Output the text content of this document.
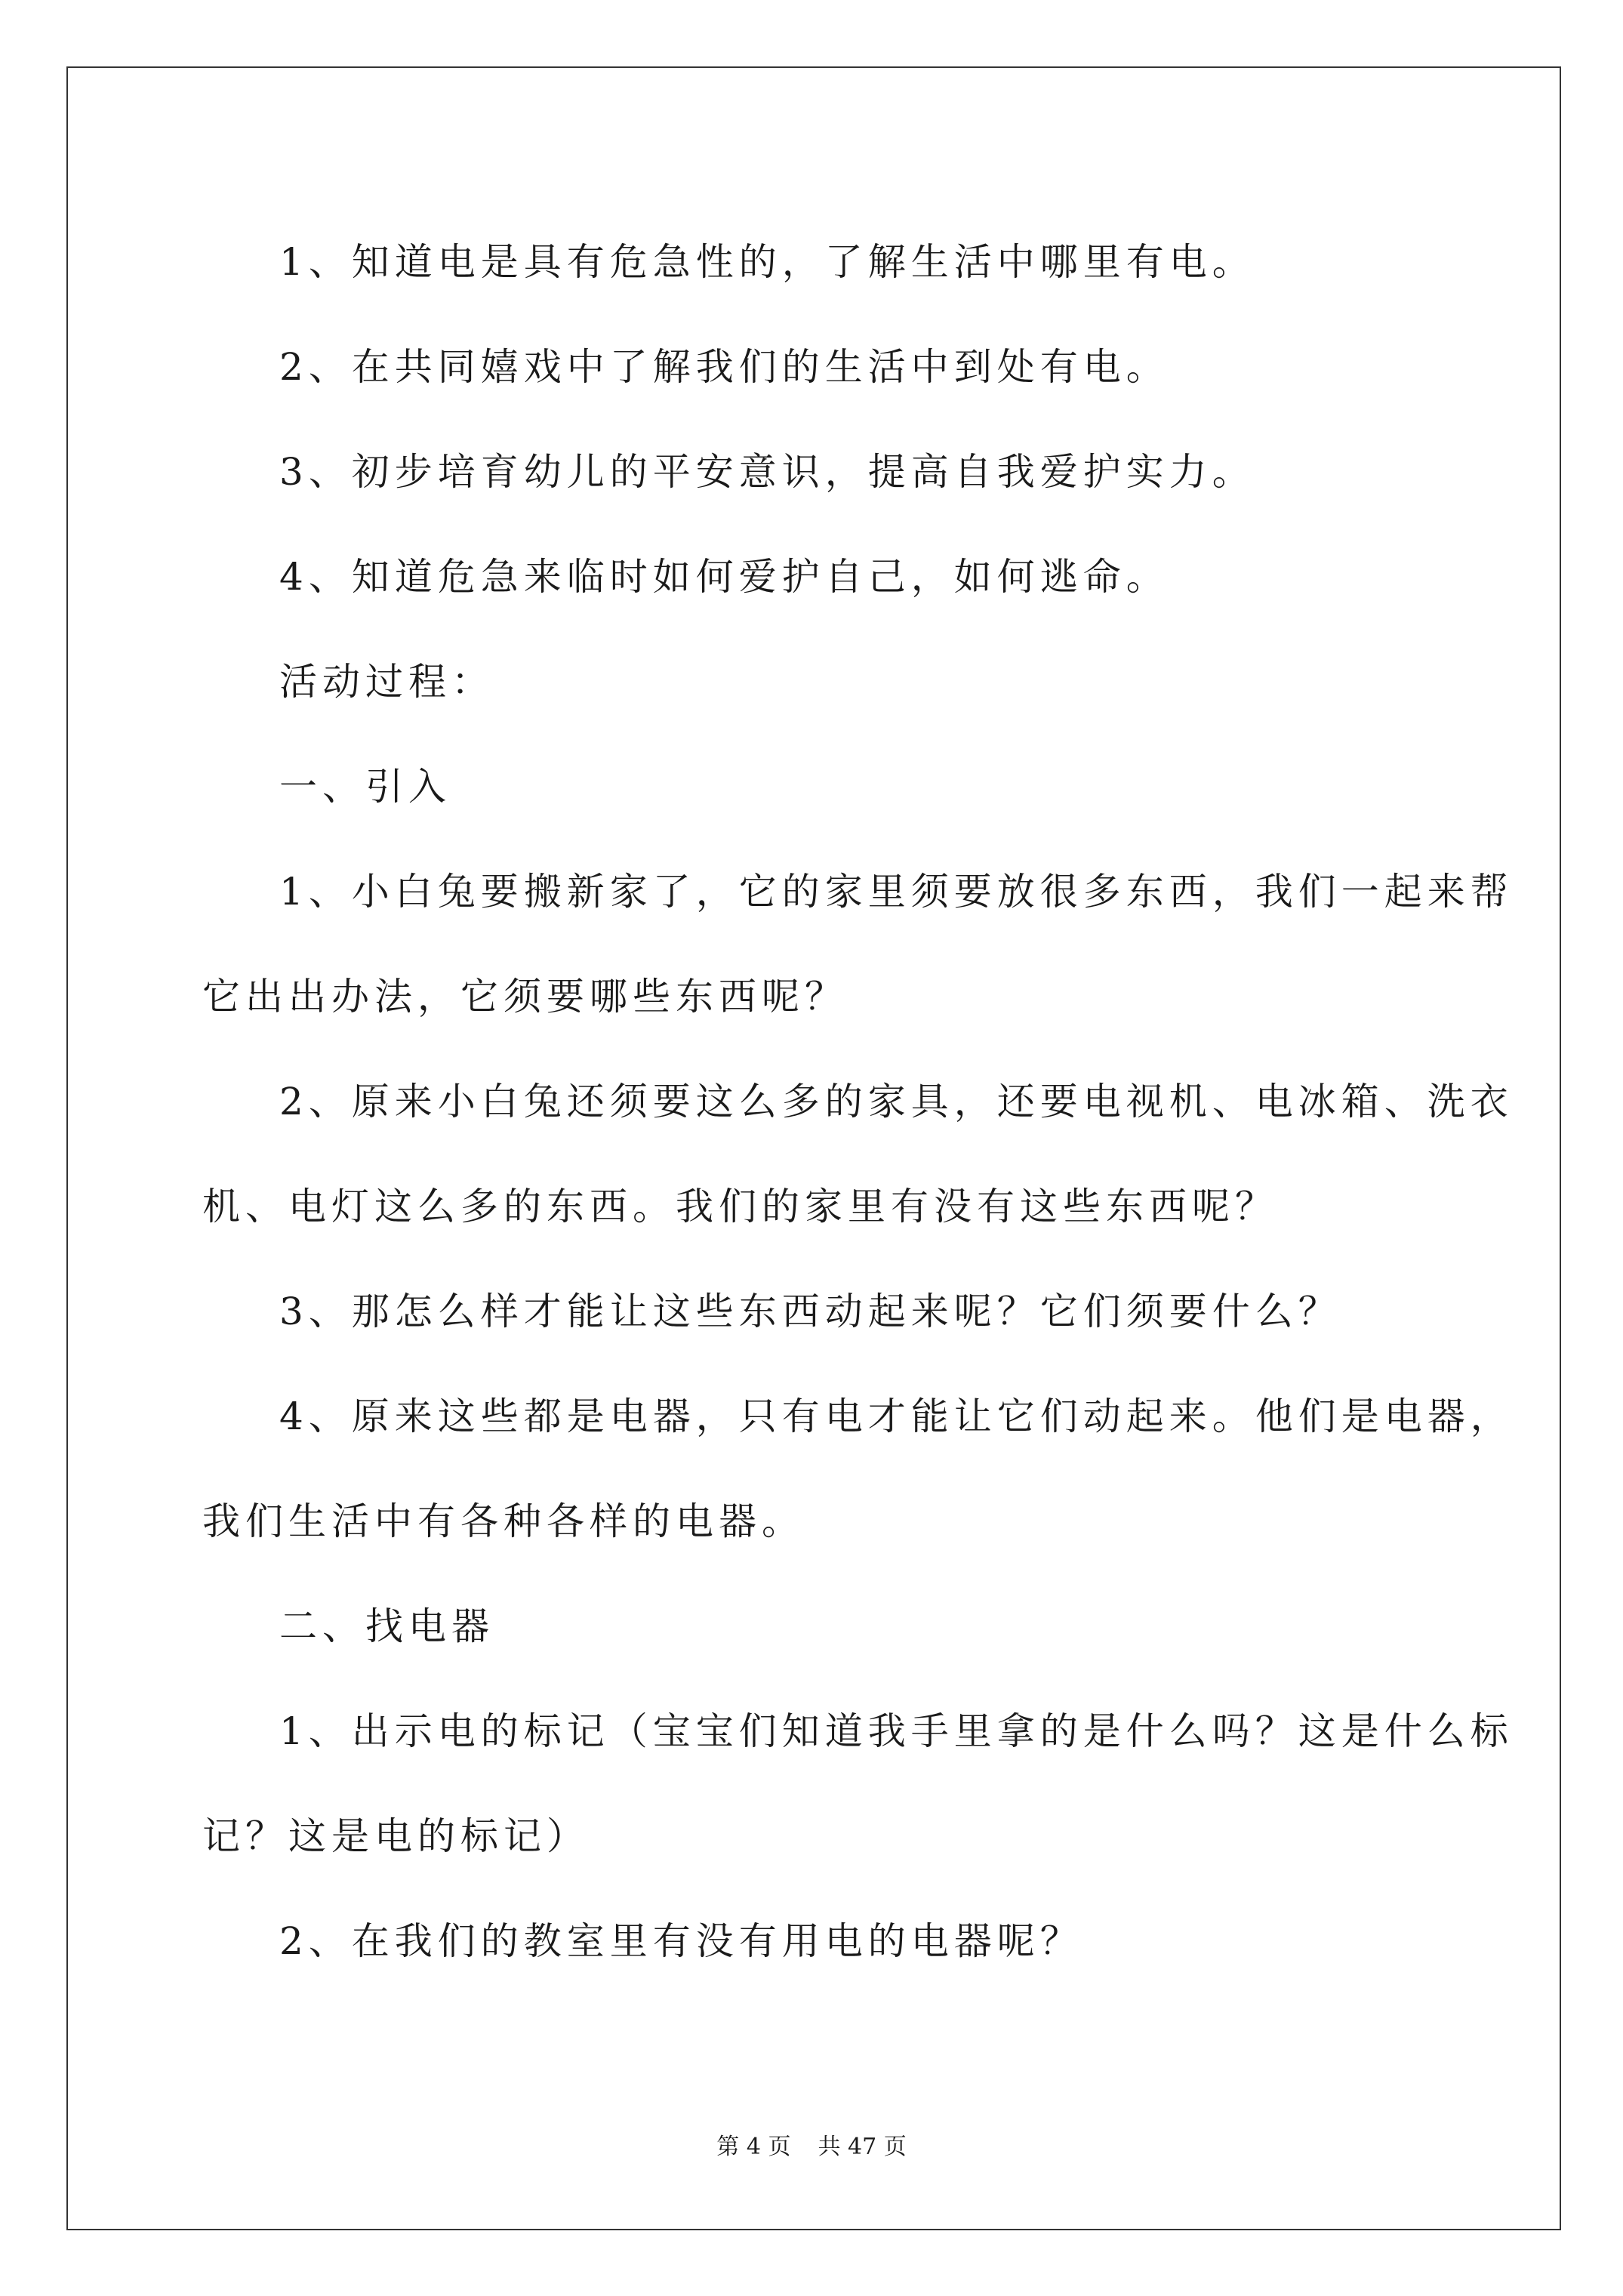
1、知道电是具有危急性的，了解生活中哪里有电。

2、在共同嬉戏中了解我们的生活中到处有电。

3、初步培育幼儿的平安意识，提高自我爱护实力。

4、知道危急来临时如何爱护自己，如何逃命。

活动过程：

一、引入

1、小白兔要搬新家了，它的家里须要放很多东西，我们一起来帮

它出出办法，它须要哪些东西呢？

2、原来小白兔还须要这么多的家具，还要电视机、电冰箱、洗衣

机、电灯这么多的东西。我们的家里有没有这些东西呢？

3、那怎么样才能让这些东西动起来呢？它们须要什么？

4、原来这些都是电器，只有电才能让它们动起来。他们是电器，

我们生活中有各种各样的电器。

二、找电器

1、出示电的标记（宝宝们知道我手里拿的是什么吗？这是什么标

记？这是电的标记）

2、在我们的教室里有没有用电的电器呢？

第 4 页 共 47 页
